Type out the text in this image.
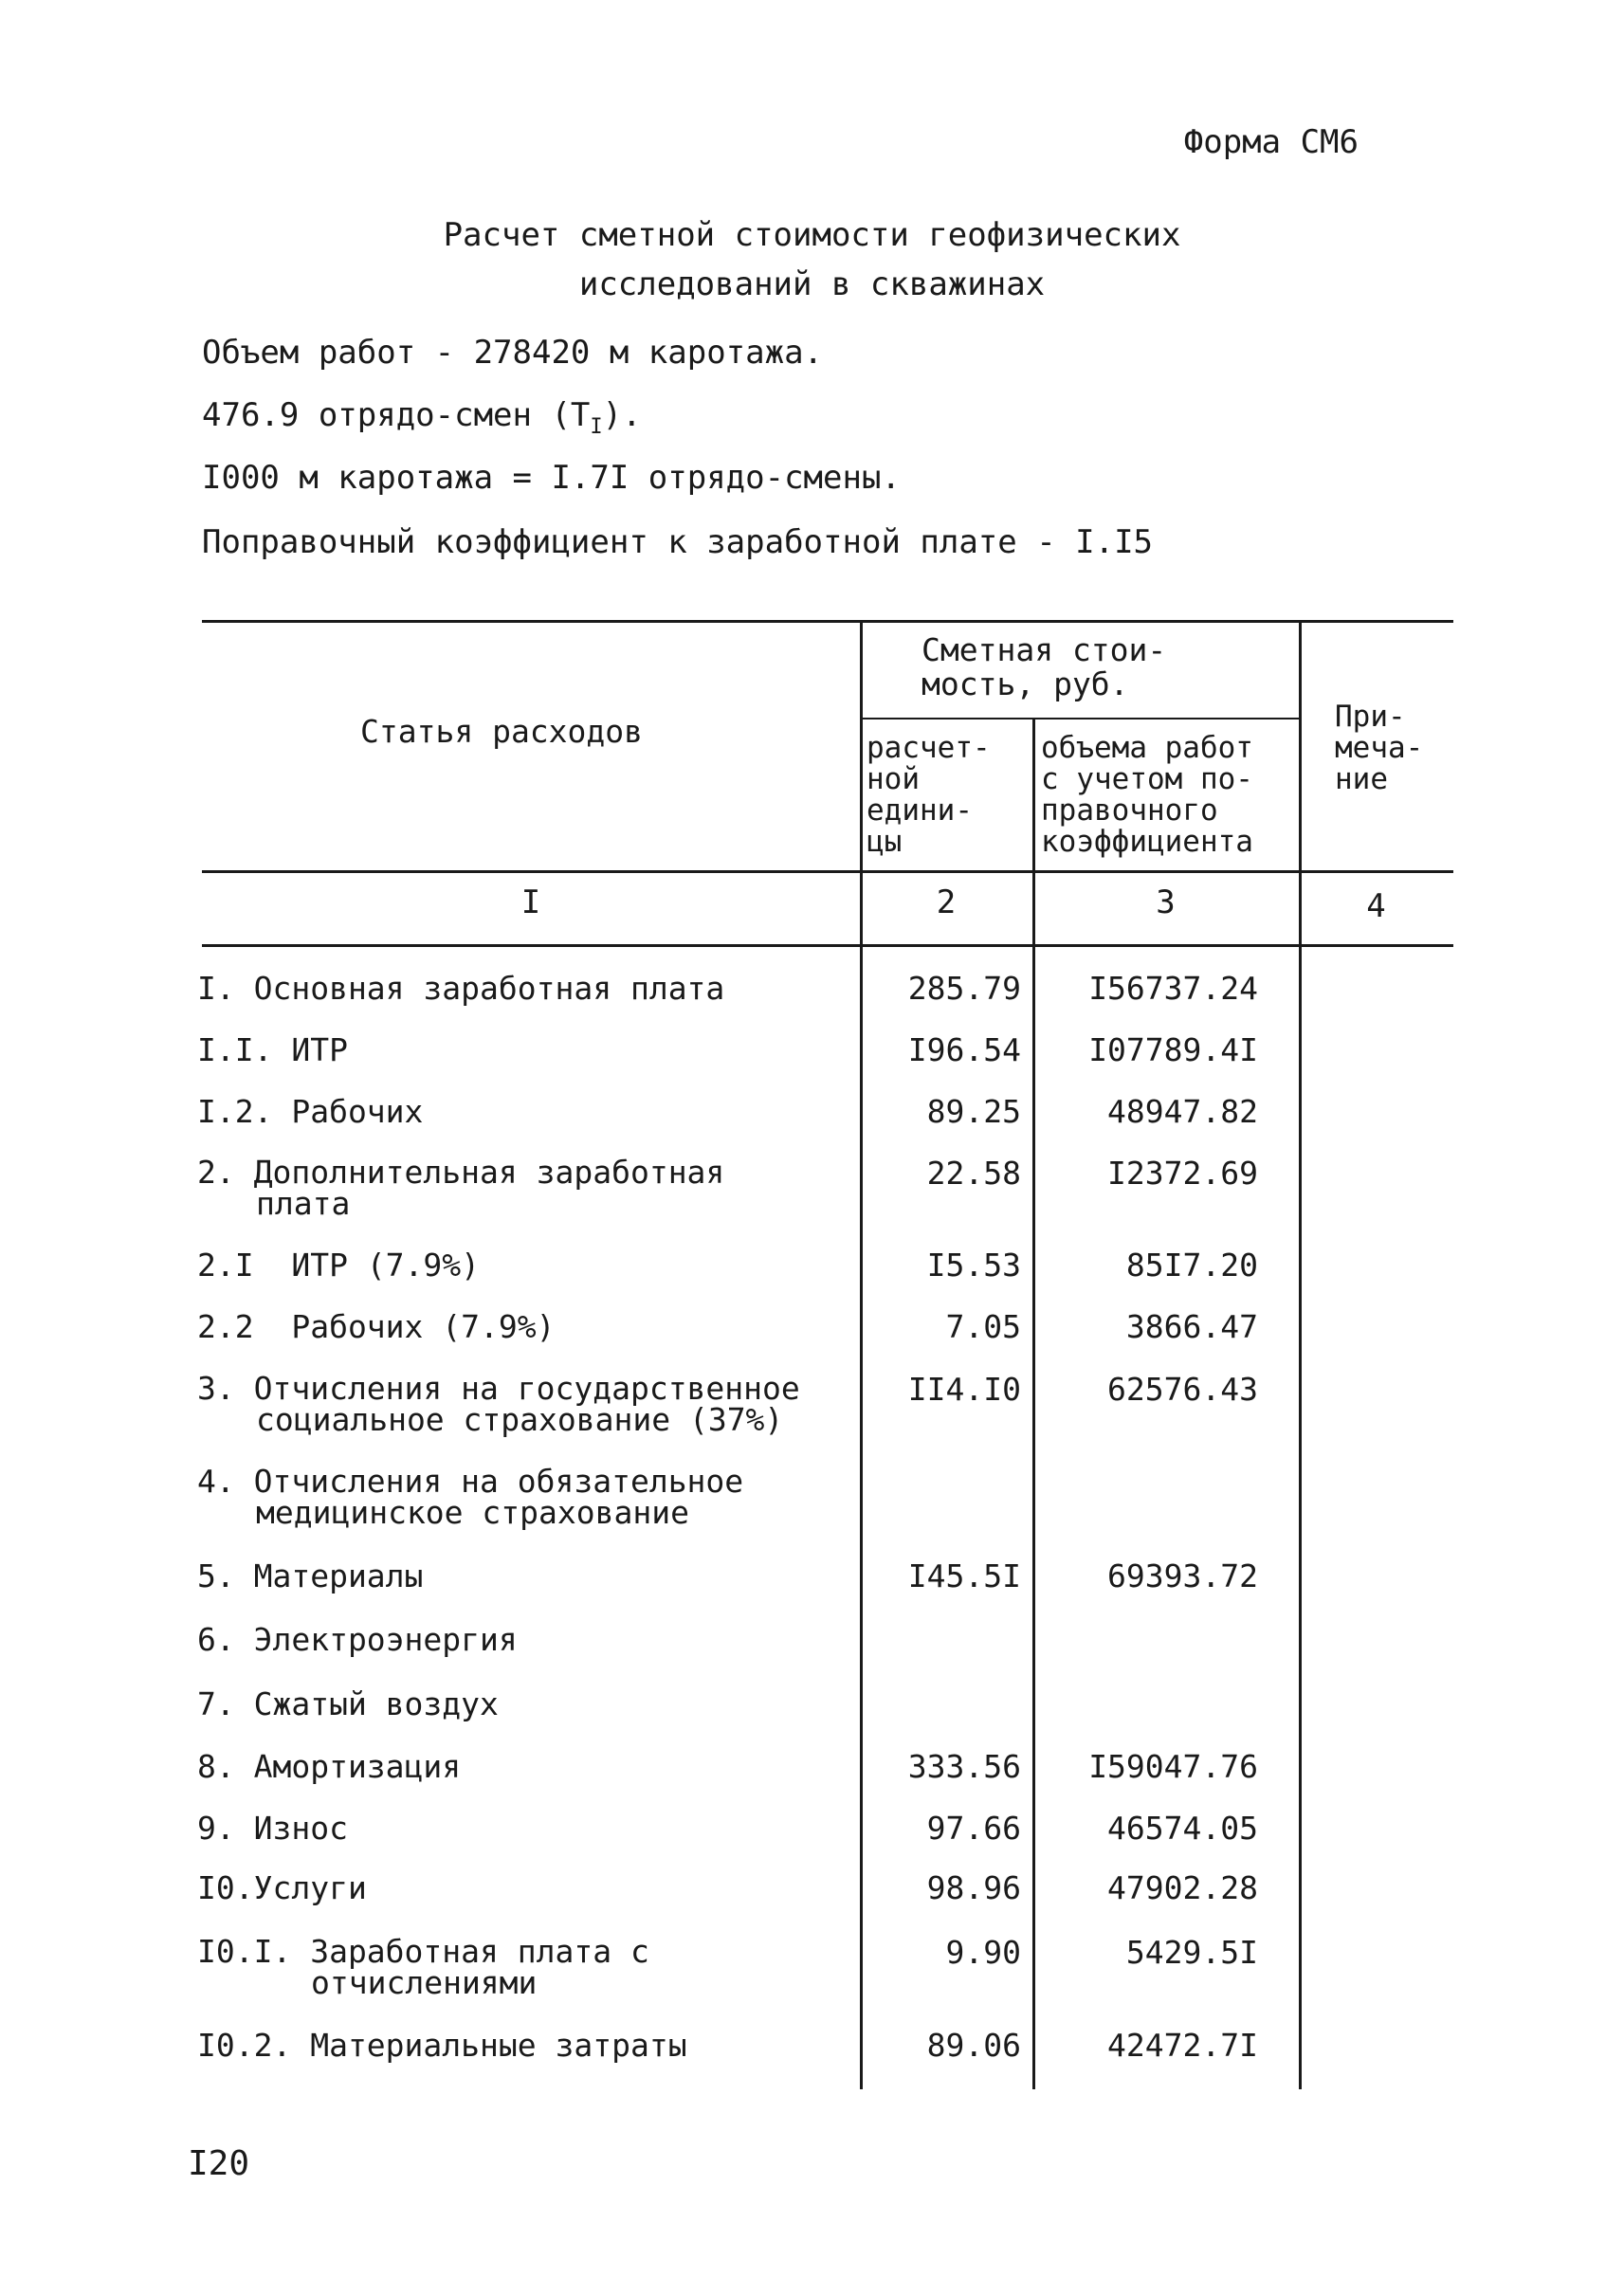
Форма СМ6
Расчет сметной стоимости геофизических
исследований в скважинах
Объем работ - 278420 м каротажа.
476.9 отрядо-смен $(T_I)$.
I000 м каротажа = I.7I отрядо-смены.
Поправочный коэффициент к заработной плате - I.I5
Статья расходов
Сметная стои-
мость, руб.
расчет-
ной
едини-
цы
объема работ
с учетом по-
правочного
коэффициента
При-
меча-
ние
I	2	3	4
I. Основная заработная плата	285.79 I56737.24
I.I. ИТР	I96.54 I07789.4I
I.2. Рабочих	89.25	48947.82
2. Дополнительная заработная
плата
22.58	I2372.69
2.I  ИТР (7.9%)	I5.53	85I7.20
2.2  Рабочих (7.9%)	7.05	3866.47
3. Отчисления на государственное
социальное страхование (37%)
II4.I0	62576.43
4. Отчисления на обязательное
медицинское страхование
5. Материалы	I45.5I	69393.72
6. Электроэнергия
7. Сжатый воздух
8. Амортизация	333.56 I59047.76
9. Износ	97.66	46574.05
I0.Услуги	98.96	47902.28
I0.I. Заработная плата с
отчислениями
9.90	5429.5I
I0.2. Материальные затраты	89.06	42472.7I
I20
